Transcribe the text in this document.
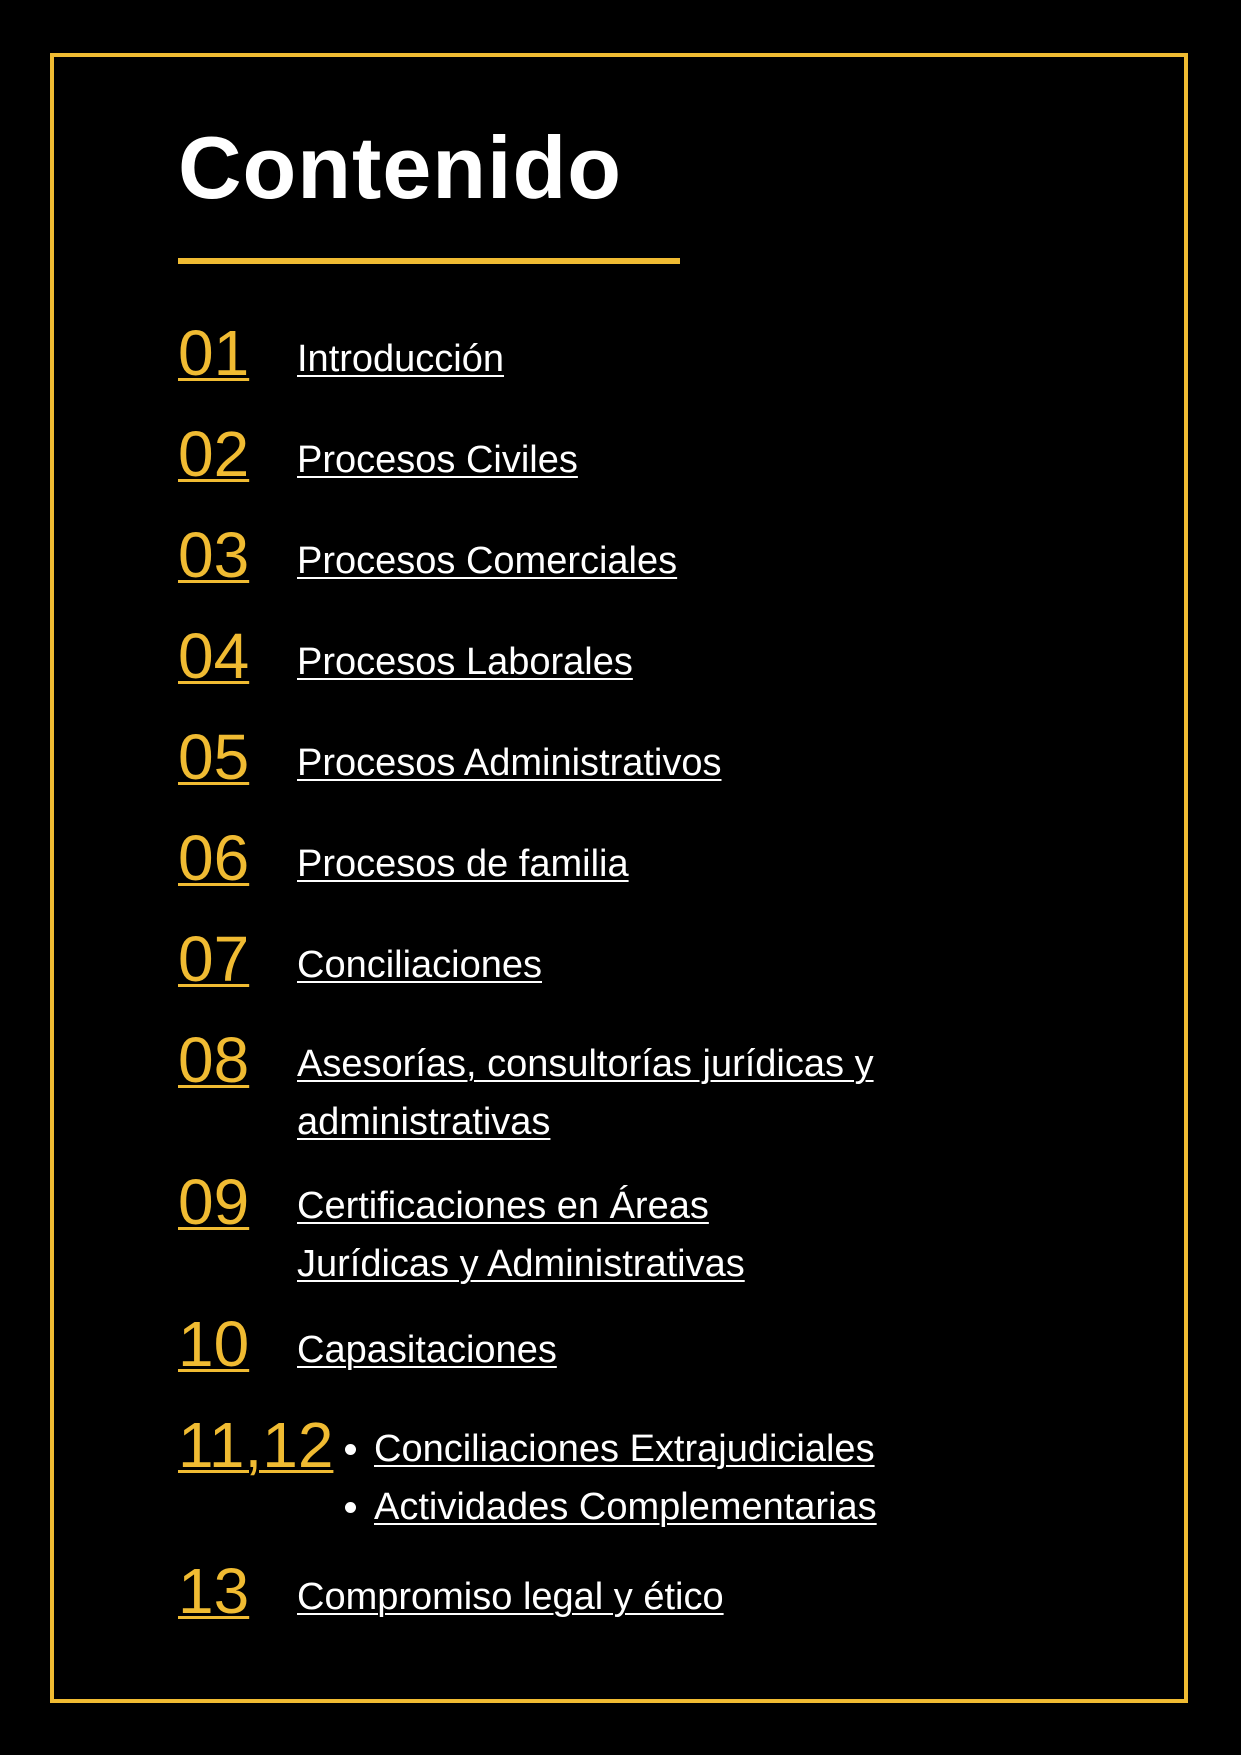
Contenido
01 Introducción
02 Procesos Civiles
03 Procesos Comerciales
04 Procesos Laborales
05 Procesos Administrativos
06 Procesos de familia
07 Conciliaciones
08 Asesorías, consultorías jurídicas y
administrativas
09 Certificaciones en Áreas
Jurídicas y Administrativas
10 Capasitaciones
11,12
• Conciliaciones Extrajudiciales
• Actividades Complementarias
13 Compromiso legal y ético
